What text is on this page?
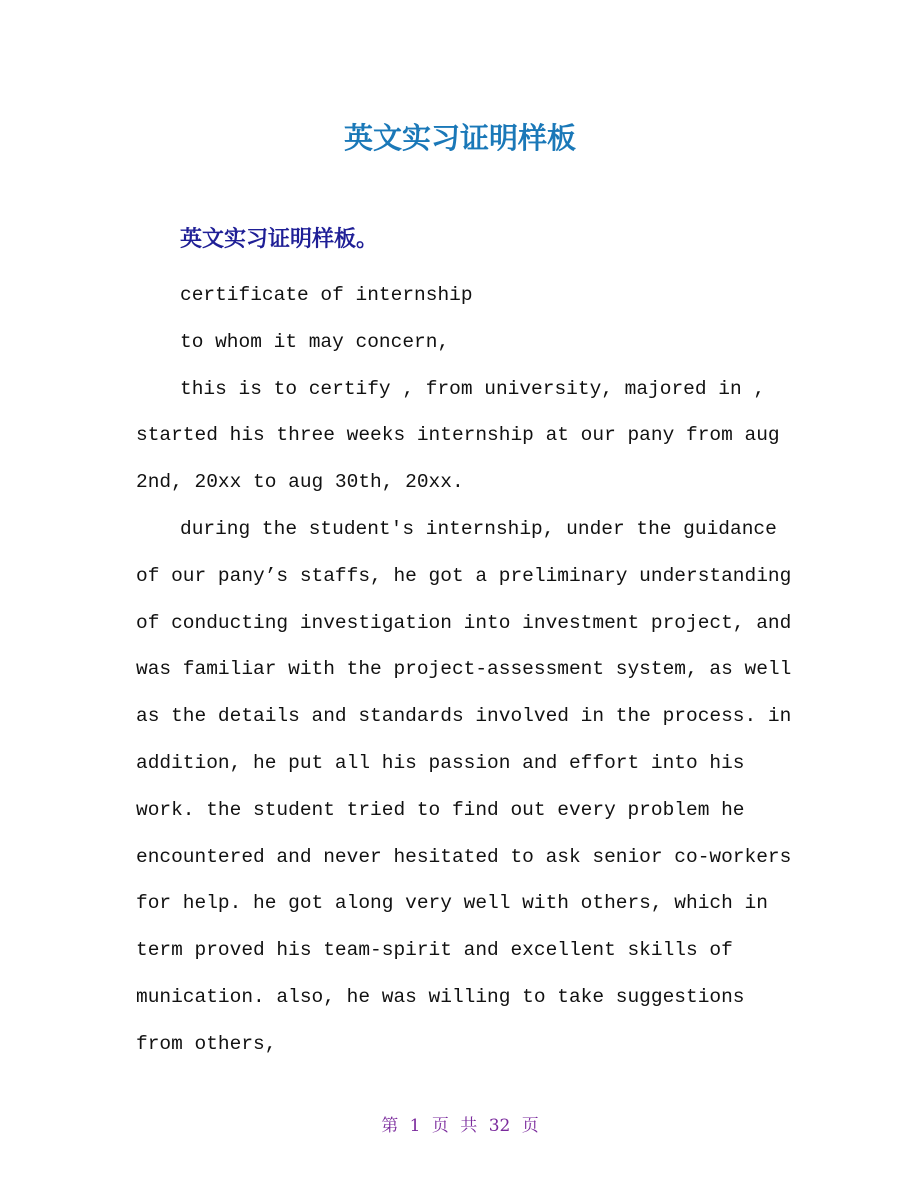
英文实习证明样板
英文实习证明样板。

certificate of internship

to whom it may concern,

this is to certify , from university, majored in , started his three weeks internship at our pany from aug 2nd, 20xx to aug 30th, 20xx.

during the student's internship, under the guidance of our pany’s staffs, he got a preliminary understanding of conducting investigation into investment project, and was familiar with the project-assessment system, as well as the details and standards involved in the process. in addition, he put all his passion and effort into his work. the student tried to find out every problem he encountered and never hesitated to ask senior co-workers for help. he got along very well with others, which in term proved his team-spirit and excellent skills of munication. also, he was willing to take suggestions from others,

第 1 页 共 32 页
